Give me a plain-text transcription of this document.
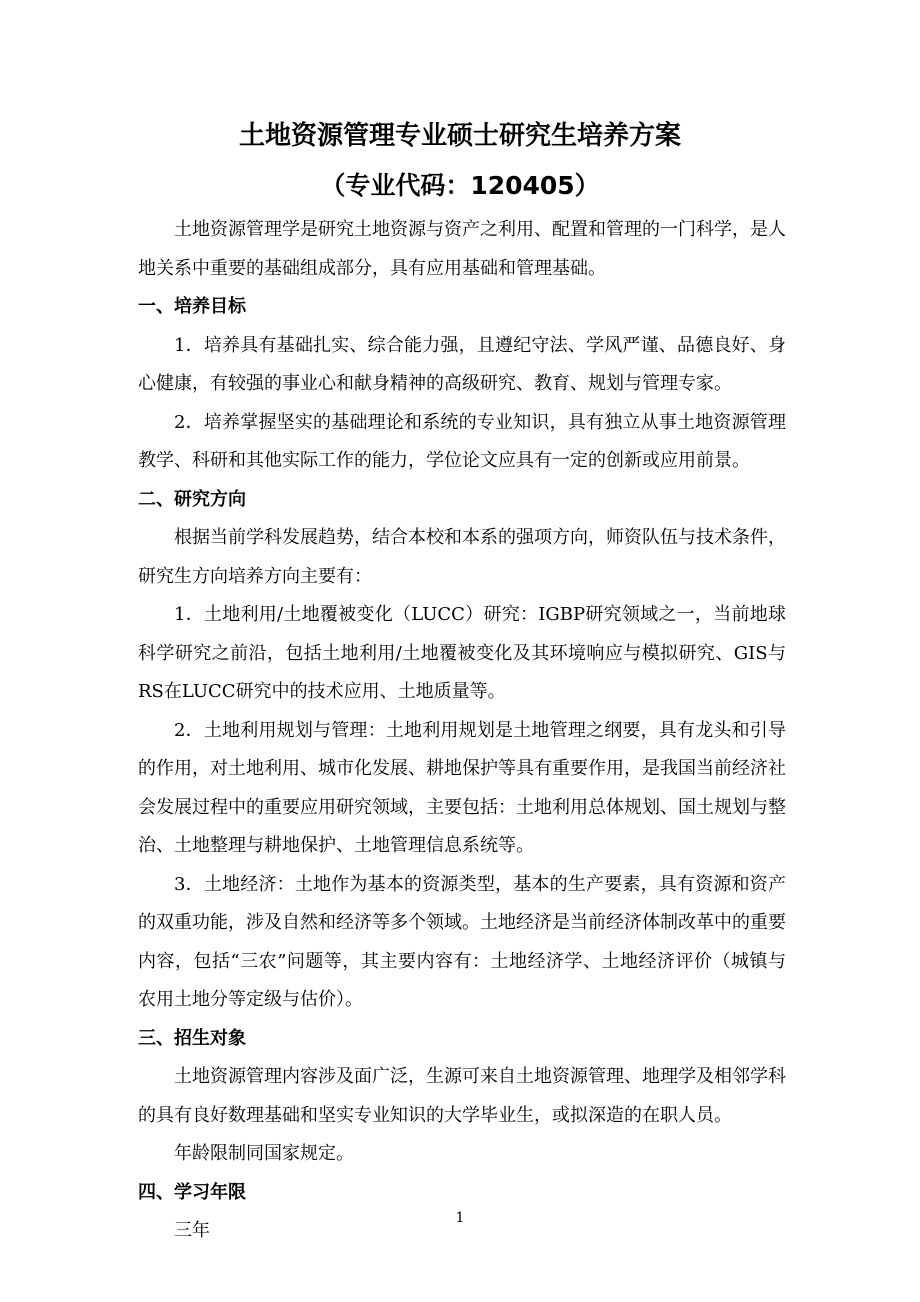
土地资源管理专业硕士研究生培养方案
（专业代码：120405）

土地资源管理学是研究土地资源与资产之利用、配置和管理的一门科学，是人地关系中重要的基础组成部分，具有应用基础和管理基础。

一、培养目标

1．培养具有基础扎实、综合能力强，且遵纪守法、学风严谨、品德良好、身心健康，有较强的事业心和献身精神的高级研究、教育、规划与管理专家。

2．培养掌握坚实的基础理论和系统的专业知识，具有独立从事土地资源管理教学、科研和其他实际工作的能力，学位论文应具有一定的创新或应用前景。

二、研究方向

根据当前学科发展趋势，结合本校和本系的强项方向，师资队伍与技术条件，研究生方向培养方向主要有：

1．土地利用/土地覆被变化（LUCC）研究：IGBP研究领域之一，当前地球科学研究之前沿，包括土地利用/土地覆被变化及其环境响应与模拟研究、GIS与RS在LUCC研究中的技术应用、土地质量等。

2．土地利用规划与管理：土地利用规划是土地管理之纲要，具有龙头和引导的作用，对土地利用、城市化发展、耕地保护等具有重要作用，是我国当前经济社会发展过程中的重要应用研究领域，主要包括：土地利用总体规划、国土规划与整治、土地整理与耕地保护、土地管理信息系统等。

3．土地经济：土地作为基本的资源类型，基本的生产要素，具有资源和资产的双重功能，涉及自然和经济等多个领域。土地经济是当前经济体制改革中的重要内容，包括“三农”问题等，其主要内容有：土地经济学、土地经济评价（城镇与农用土地分等定级与估价）。

三、招生对象

土地资源管理内容涉及面广泛，生源可来自土地资源管理、地理学及相邻学科的具有良好数理基础和坚实专业知识的大学毕业生，或拟深造的在职人员。

年龄限制同国家规定。

四、学习年限

三年

1
